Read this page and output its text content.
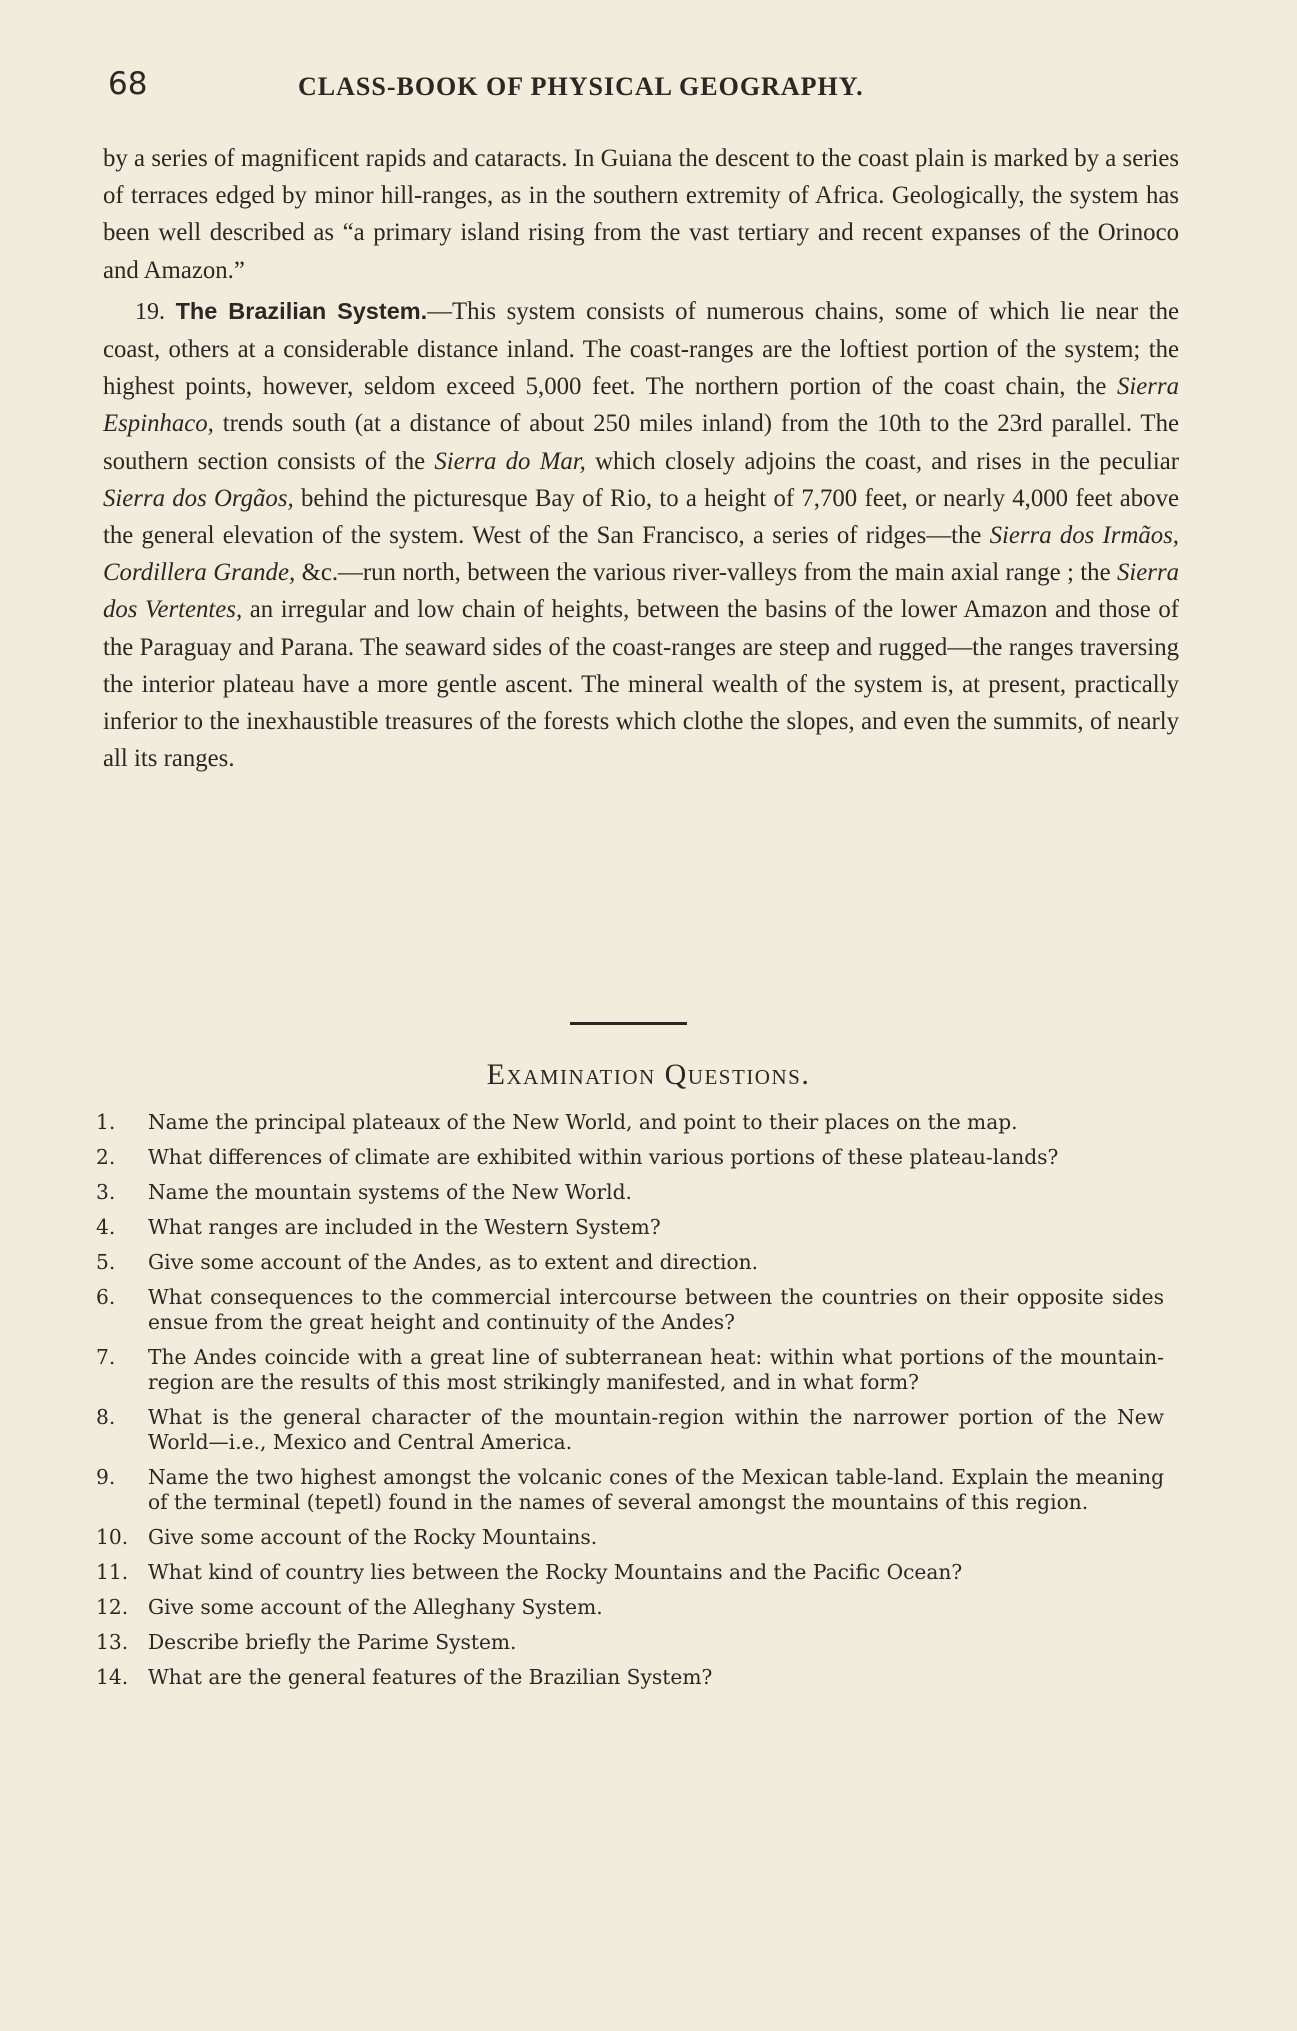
68	CLASS-BOOK OF PHYSICAL GEOGRAPHY.

by a series of magnificent rapids and cataracts. In Guiana the descent to the coast plain is marked by a series of terraces edged by minor hill-ranges, as in the southern extremity of Africa. Geologically, the system has been well described as “a primary island rising from the vast tertiary and recent expanses of the Orinoco and Amazon.”

19. The Brazilian System.—This system consists of numerous chains, some of which lie near the coast, others at a considerable distance inland. The coast-ranges are the loftiest portion of the system; the highest points, however, seldom exceed 5,000 feet. The northern portion of the coast chain, the Sierra Espinhaco, trends south (at a distance of about 250 miles inland) from the 10th to the 23rd parallel. The southern section consists of the Sierra do Mar, which closely adjoins the coast, and rises in the peculiar Sierra dos Orgãos, behind the picturesque Bay of Rio, to a height of 7,700 feet, or nearly 4,000 feet above the general elevation of the system. West of the San Francisco, a series of ridges—the Sierra dos Irmãos, Cordillera Grande, &c.—run north, between the various river-valleys from the main axial range ; the Sierra dos Vertentes, an irregular and low chain of heights, between the basins of the lower Amazon and those of the Paraguay and Parana. The seaward sides of the coast-ranges are steep and rugged—the ranges traversing the interior plateau have a more gentle ascent. The mineral wealth of the system is, at present, practically inferior to the inexhaustible treasures of the forests which clothe the slopes, and even the summits, of nearly all its ranges.

Examination Questions.
1.	Name the principal plateaux of the New World, and point to their places on the map.
2.	What differences of climate are exhibited within various portions of these plateau-lands?
3.	Name the mountain systems of the New World.
4.	What ranges are included in the Western System?
5.	Give some account of the Andes, as to extent and direction.
6.	What consequences to the commercial intercourse between the countries on their opposite sides ensue from the great height and continuity of the Andes?
7.	The Andes coincide with a great line of subterranean heat: within what portions of the mountain-region are the results of this most strikingly manifested, and in what form?
8.	What is the general character of the mountain-region within the narrower portion of the New World—i.e., Mexico and Central America.
9.	Name the two highest amongst the volcanic cones of the Mexican table-land. Explain the meaning of the terminal (tepetl) found in the names of several amongst the mountains of this region.
10. Give some account of the Rocky Mountains.
11. What kind of country lies between the Rocky Mountains and the Pacific Ocean?
12. Give some account of the Alleghany System.
13. Describe briefly the Parime System.
14. What are the general features of the Brazilian System?
